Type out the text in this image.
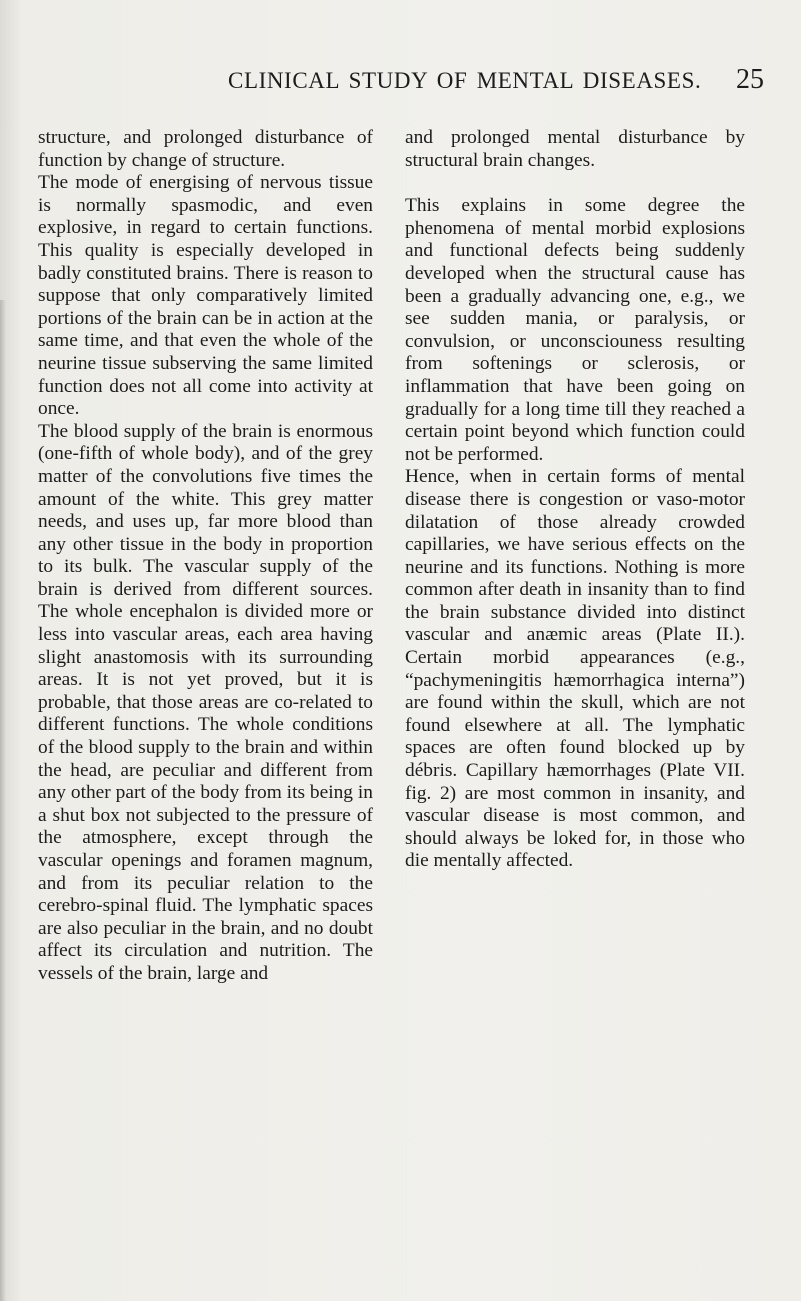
CLINICAL STUDY OF MENTAL DISEASES. 25

structure, and prolonged disturbance of function by change of structure.

The mode of energising of nervous tissue is normally spasmodic, and even explosive, in regard to certain functions. This quality is especially developed in badly constituted brains. There is reason to suppose that only comparatively limited portions of the brain can be in action at the same time, and that even the whole of the neurine tissue subserving the same limited function does not all come into activity at once.

The blood supply of the brain is enormous (one-fifth of whole body), and of the grey matter of the convolutions five times the amount of the white. This grey matter needs, and uses up, far more blood than any other tissue in the body in proportion to its bulk. The vascular supply of the brain is derived from different sources. The whole encephalon is divided more or less into vascular areas, each area having slight anastomosis with its surrounding areas. It is not yet proved, but it is probable, that those areas are co-related to different functions. The whole conditions of the blood supply to the brain and within the head, are peculiar and different from any other part of the body from its being in a shut box not subjected to the pressure of the atmosphere, except through the vascular openings and foramen magnum, and from its peculiar relation to the cerebro-spinal fluid. The lymphatic spaces are also peculiar in the brain, and no doubt affect its circulation and nutrition. The vessels of the brain, large and

and prolonged mental disturbance by structural brain changes.

This explains in some degree the phenomena of mental morbid explosions and functional defects being suddenly developed when the structural cause has been a gradually advancing one, e.g., we see sudden mania, or paralysis, or convulsion, or unconsciouness resulting from softenings or sclerosis, or inflammation that have been going on gradually for a long time till they reached a certain point beyond which function could not be performed.

Hence, when in certain forms of mental disease there is congestion or vaso-motor dilatation of those already crowded capillaries, we have serious effects on the neurine and its functions. Nothing is more common after death in insanity than to find the brain substance divided into distinct vascular and anæmic areas (Plate II.). Certain morbid appearances (e.g., “pachymeningitis hæmorrhagica interna”) are found within the skull, which are not found elsewhere at all. The lymphatic spaces are often found blocked up by débris. Capillary hæmorrhages (Plate VII. fig. 2) are most common in insanity, and vascular disease is most common, and should always be loked for, in those who die mentally affected.
